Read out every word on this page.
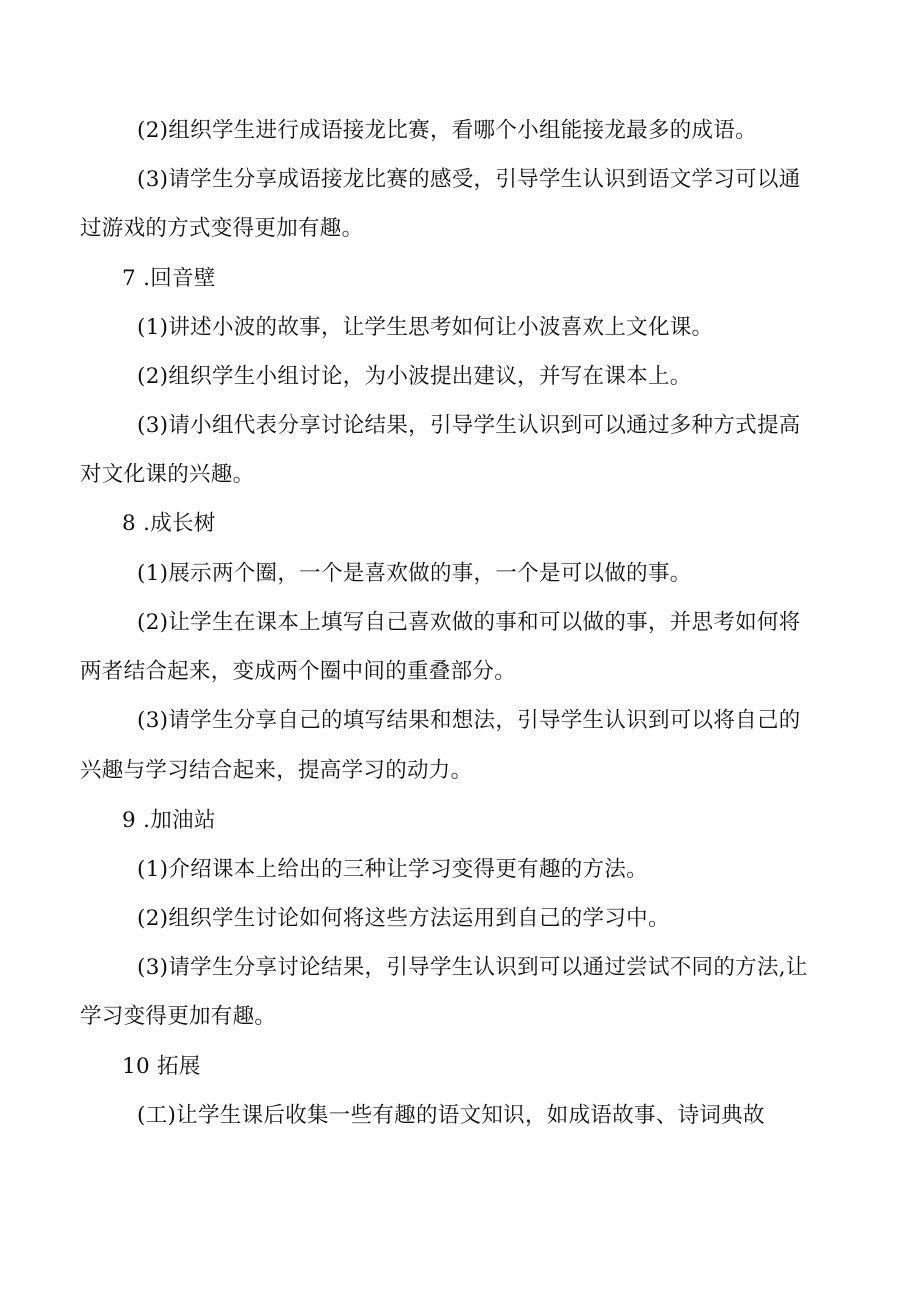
(2)组织学生进行成语接龙比赛，看哪个小组能接龙最多的成语。
(3)请学生分享成语接龙比赛的感受，引导学生认识到语文学习可以通
过游戏的方式变得更加有趣。
7 .回音壁
(1)讲述小波的故事，让学生思考如何让小波喜欢上文化课。
(2)组织学生小组讨论，为小波提出建议，并写在课本上。
(3)请小组代表分享讨论结果，引导学生认识到可以通过多种方式提高
对文化课的兴趣。
8 .成长树
(1)展示两个圈，一个是喜欢做的事，一个是可以做的事。
(2)让学生在课本上填写自己喜欢做的事和可以做的事，并思考如何将
两者结合起来，变成两个圈中间的重叠部分。
(3)请学生分享自己的填写结果和想法，引导学生认识到可以将自己的
兴趣与学习结合起来，提高学习的动力。
9 .加油站
(1)介绍课本上给出的三种让学习变得更有趣的方法。
(2)组织学生讨论如何将这些方法运用到自己的学习中。
(3)请学生分享讨论结果，引导学生认识到可以通过尝试不同的方法,让
学习变得更加有趣。
10 拓展
(工)让学生课后收集一些有趣的语文知识，如成语故事、诗词典故
